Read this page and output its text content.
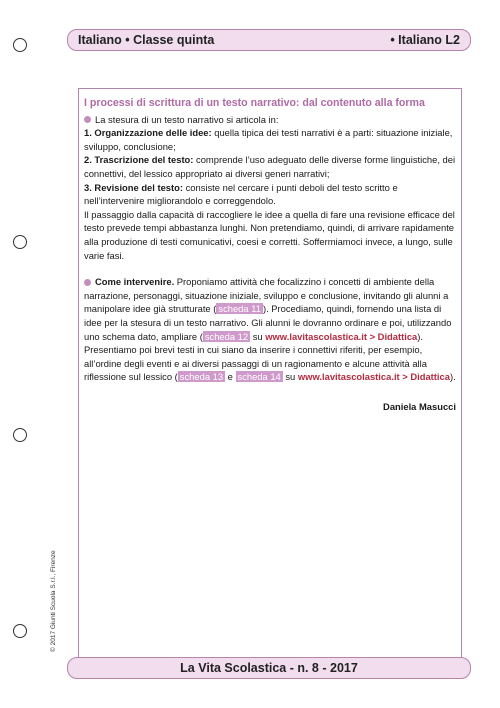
Italiano • Classe quinta	• Italiano L2
I processi di scrittura di un testo narrativo: dal contenuto alla forma

La stesura di un testo narrativo si articola in:

1. Organizzazione delle idee: quella tipica dei testi narrativi è a parti: situazione iniziale, sviluppo, conclusione;

2. Trascrizione del testo: comprende l’uso adeguato delle diverse forme linguistiche, dei connettivi, del lessico appropriato ai diversi generi narrativi;

3. Revisione del testo: consiste nel cercare i punti deboli del testo scritto e nell’intervenire migliorandolo e correggendolo.

Il passaggio dalla capacità di raccogliere le idee a quella di fare una revisione efficace del testo prevede tempi abbastanza lunghi. Non pretendiamo, quindi, di arrivare rapidamente alla produzione di testi comunicativi, coesi e corretti. Soffermiamoci invece, a lungo, sulle varie fasi.

Come intervenire. Proponiamo attività che focalizzino i concetti di ambiente della narrazione, personaggi, situazione iniziale, sviluppo e conclusione, invitando gli alunni a manipolare idee già strutturate ( scheda 11 ). Procediamo, quindi, fornendo una lista di idee per la stesura di un testo narrativo. Gli alunni le dovranno ordinare e poi, utilizzando uno schema dato, ampliare ( scheda 12 su www.lavitascolastica.it > Didattica). Presentiamo poi brevi testi in cui siano da inserire i connettivi riferiti, per esempio, all’ordine degli eventi e ai diversi passaggi di un ragionamento e alcune attività alla riflessione sul lessico ( scheda 13 e scheda 14 su www.lavitascolastica.it > Didattica).

Daniela Masucci
© 2017 Giunti Scuola S.r.l., Firenze
La Vita Scolastica - n. 8 - 2017
